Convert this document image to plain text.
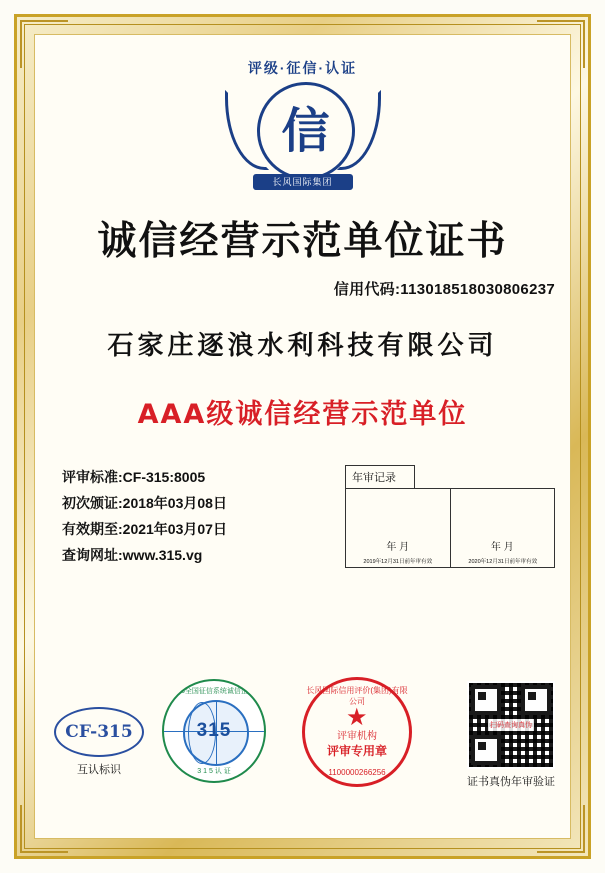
评级·征信·认证
信
长风国际集团
诚信经营示范单位证书
信用代码:113018518030806237
石家庄逐浪水利科技有限公司
AAA级诚信经营示范单位
评审标准:CF-315:8005
初次颁证:2018年03月08日
有效期至:2021年03月07日
查询网址:www.315.vg
年审记录
年 月
2019年12月31日前年审有效
年 月
2020年12月31日前年审有效
CF-315
互认标识
315全国征信系统诚信企业
315
3 1 5 认 证
长风国际信用评价(集团)有限公司
★
评审机构
评审专用章
1100000266256
扫码查询真伪
证书真伪年审验证
